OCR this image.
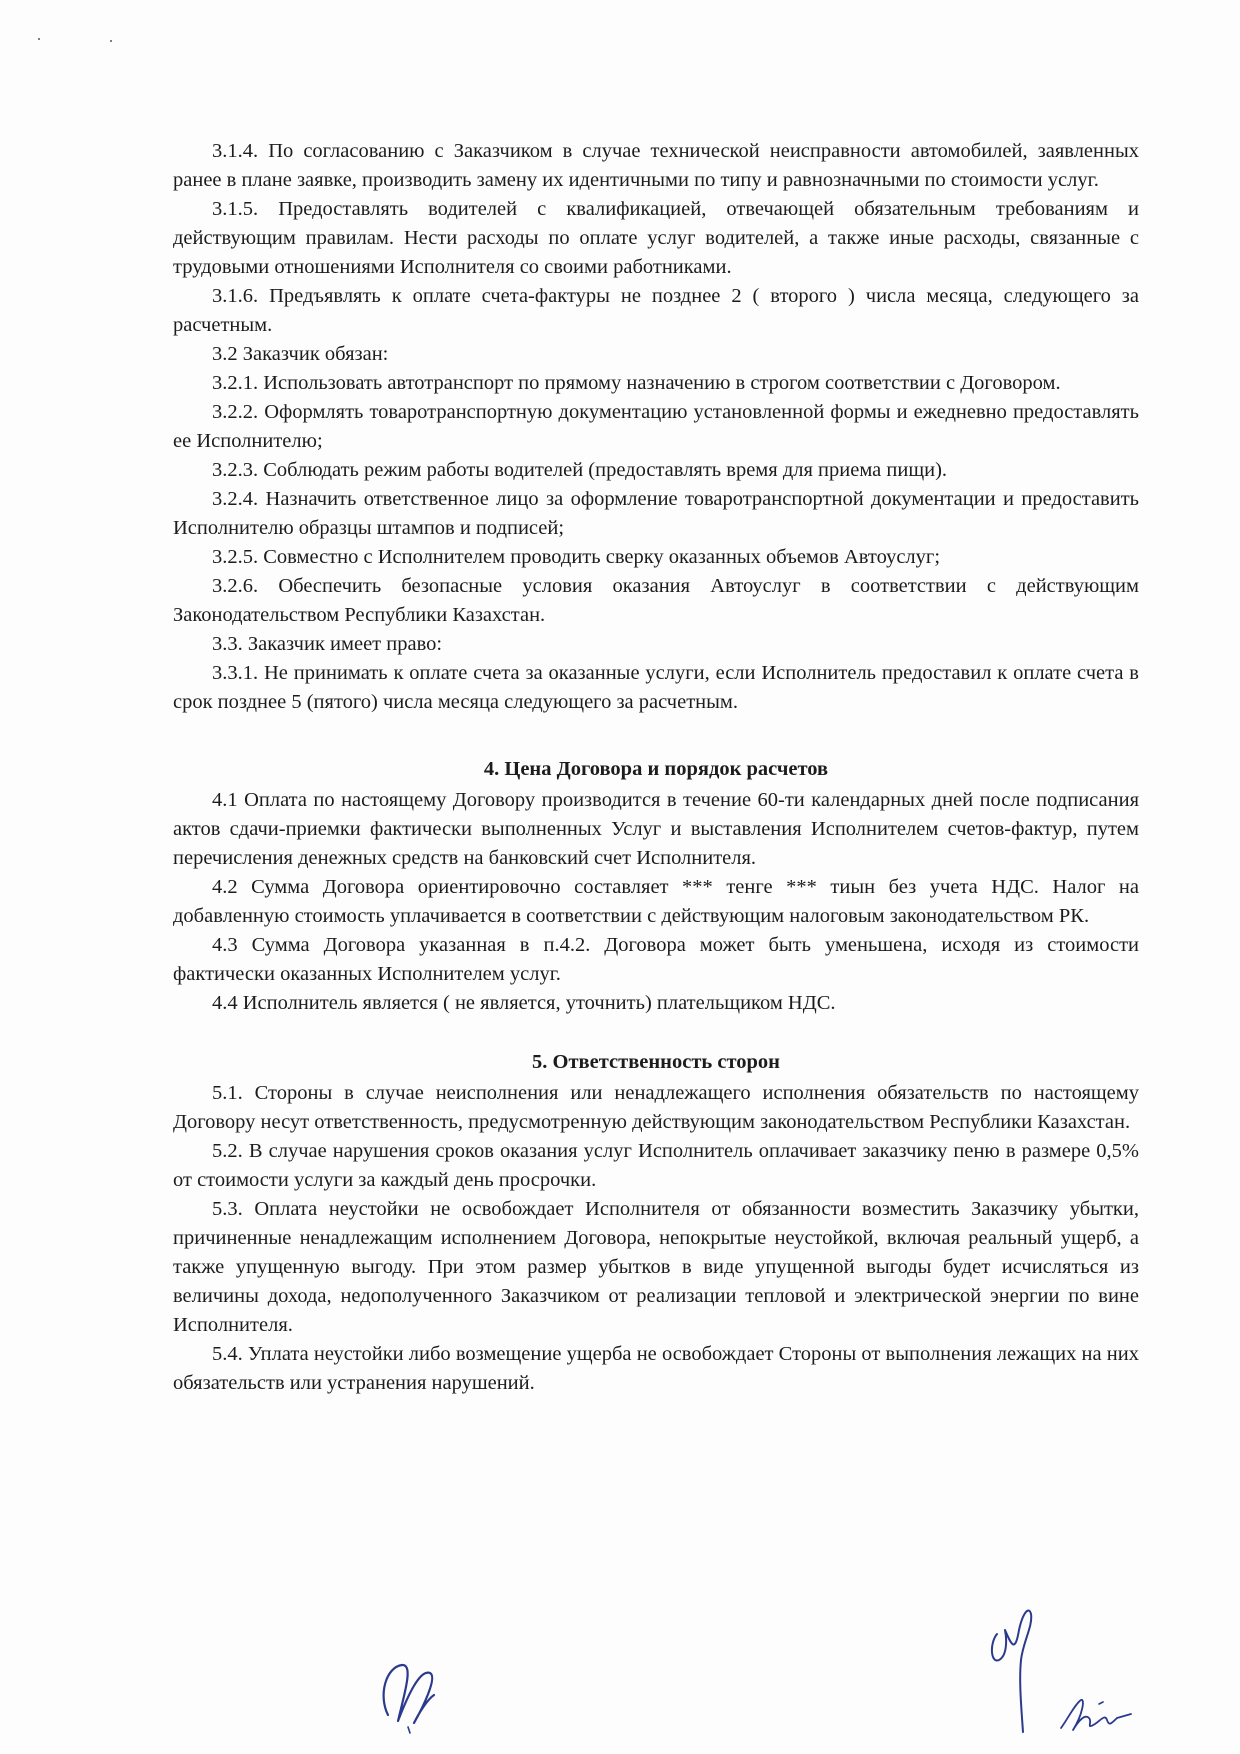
3.1.4. По согласованию с Заказчиком в случае технической неисправности автомобилей, заявленных ранее в плане заявке, производить замену их идентичными по типу и равнозначными по стоимости услуг.

3.1.5. Предоставлять водителей с квалификацией, отвечающей обязательным требованиям и действующим правилам. Нести расходы по оплате услуг водителей, а также иные расходы, связанные с трудовыми отношениями Исполнителя со своими работниками.

3.1.6. Предъявлять к оплате счета-фактуры не позднее 2 ( второго ) числа месяца, следующего за расчетным.

3.2 Заказчик обязан:

3.2.1. Использовать автотранспорт по прямому назначению в строгом соответствии с Договором.

3.2.2. Оформлять товаротранспортную документацию установленной формы и ежедневно предоставлять ее Исполнителю;

3.2.3. Соблюдать режим работы водителей (предоставлять время для приема пищи).

3.2.4. Назначить ответственное лицо за оформление товаротранспортной документации и предоставить Исполнителю образцы штампов и подписей;

3.2.5. Совместно с Исполнителем проводить сверку оказанных объемов Автоуслуг;

3.2.6. Обеспечить безопасные условия оказания Автоуслуг в соответствии с действующим Законодательством Республики Казахстан.

3.3. Заказчик имеет право:

3.3.1. Не принимать к оплате счета за оказанные услуги, если Исполнитель предоставил к оплате счета в срок позднее 5 (пятого) числа месяца следующего за расчетным.

4. Цена Договора и порядок расчетов

4.1 Оплата по настоящему Договору производится в течение 60-ти календарных дней после подписания актов сдачи-приемки фактически выполненных Услуг и выставления Исполнителем счетов-фактур, путем перечисления денежных средств на банковский счет Исполнителя.

4.2 Сумма Договора ориентировочно составляет *** тенге *** тиын без учета НДС. Налог на добавленную стоимость уплачивается в соответствии с действующим налоговым законодательством РК.

4.3 Сумма Договора указанная в п.4.2. Договора может быть уменьшена, исходя из стоимости фактически оказанных Исполнителем услуг.

4.4 Исполнитель является ( не является, уточнить) плательщиком НДС.

5. Ответственность сторон

5.1. Стороны в случае неисполнения или ненадлежащего исполнения обязательств по настоящему Договору несут ответственность, предусмотренную действующим законодательством Республики Казахстан.

5.2. В случае нарушения сроков оказания услуг Исполнитель оплачивает заказчику пеню в размере 0,5% от стоимости услуги за каждый день просрочки.

5.3. Оплата неустойки не освобождает Исполнителя от обязанности возместить Заказчику убытки, причиненные ненадлежащим исполнением Договора, непокрытые неустойкой, включая реальный ущерб, а также упущенную выгоду. При этом размер убытков в виде упущенной выгоды будет исчисляться из величины дохода, недополученного Заказчиком от реализации тепловой и электрической энергии по вине Исполнителя.

5.4. Уплата неустойки либо возмещение ущерба не освобождает Стороны от выполнения лежащих на них обязательств или устранения нарушений.
